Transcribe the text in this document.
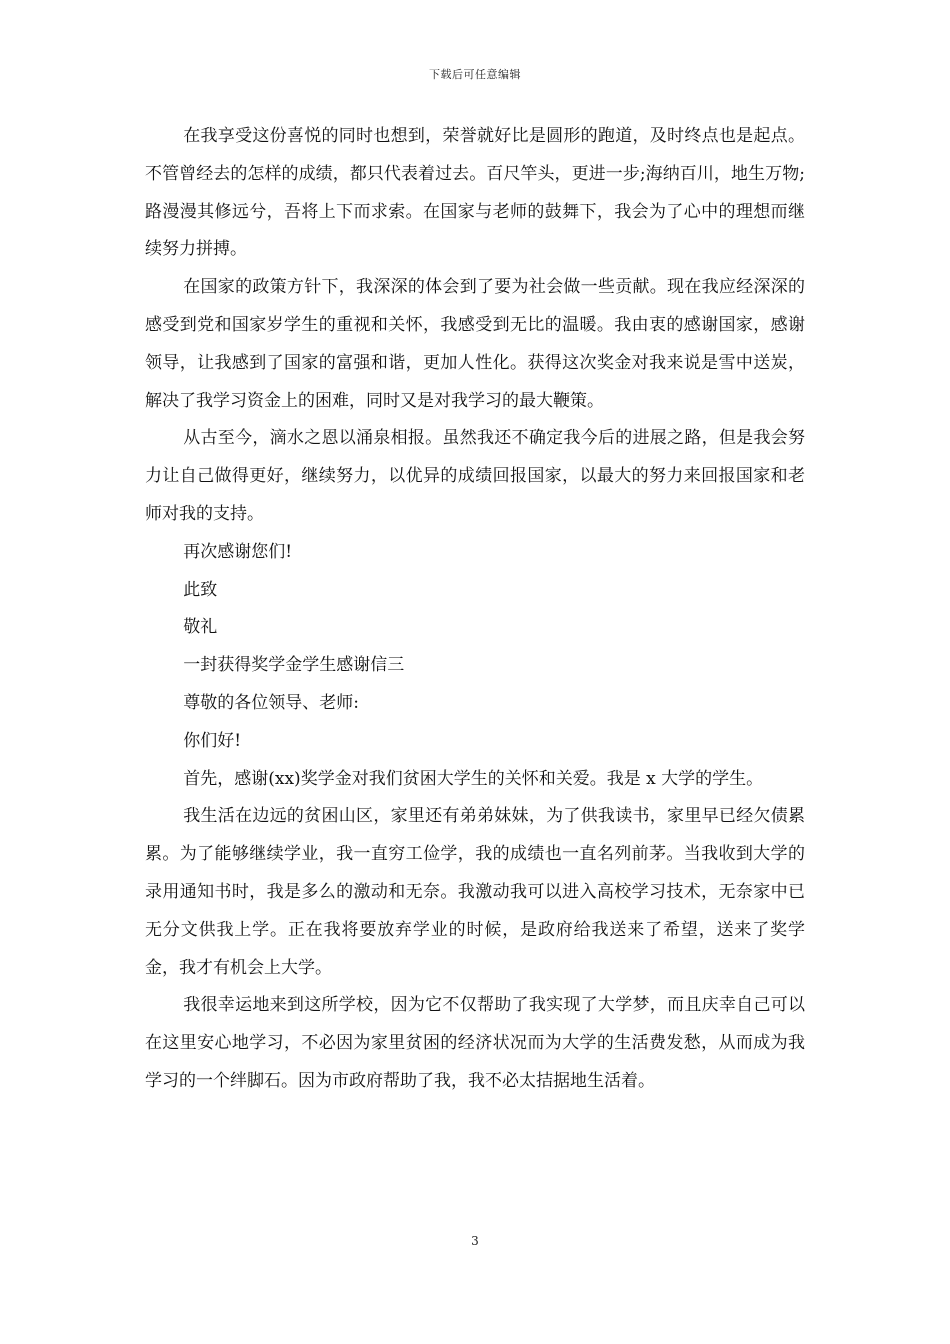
下载后可任意编辑

在我享受这份喜悦的同时也想到，荣誉就好比是圆形的跑道，及时终点也是起点。不管曾经去的怎样的成绩，都只代表着过去。百尺竿头，更进一步;海纳百川，地生万物;路漫漫其修远兮，吾将上下而求索。在国家与老师的鼓舞下，我会为了心中的理想而继续努力拼搏。

在国家的政策方针下，我深深的体会到了要为社会做一些贡献。现在我应经深深的感受到党和国家岁学生的重视和关怀，我感受到无比的温暖。我由衷的感谢国家，感谢领导，让我感到了国家的富强和谐，更加人性化。获得这次奖金对我来说是雪中送炭，解决了我学习资金上的困难，同时又是对我学习的最大鞭策。

从古至今，滴水之恩以涌泉相报。虽然我还不确定我今后的进展之路，但是我会努力让自己做得更好，继续努力，以优异的成绩回报国家，以最大的努力来回报国家和老师对我的支持。

再次感谢您们!

此致

敬礼

一封获得奖学金学生感谢信三

尊敬的各位领导、老师:

你们好!

首先，感谢(xx)奖学金对我们贫困大学生的关怀和关爱。我是 x 大学的学生。

我生活在边远的贫困山区，家里还有弟弟妹妹，为了供我读书，家里早已经欠债累累。为了能够继续学业，我一直穷工俭学，我的成绩也一直名列前茅。当我收到大学的录用通知书时，我是多么的激动和无奈。我激动我可以进入高校学习技术，无奈家中已无分文供我上学。正在我将要放弃学业的时候，是政府给我送来了希望，送来了奖学金，我才有机会上大学。

我很幸运地来到这所学校，因为它不仅帮助了我实现了大学梦，而且庆幸自己可以在这里安心地学习，不必因为家里贫困的经济状况而为大学的生活费发愁，从而成为我学习的一个绊脚石。因为市政府帮助了我，我不必太拮据地生活着。

3
